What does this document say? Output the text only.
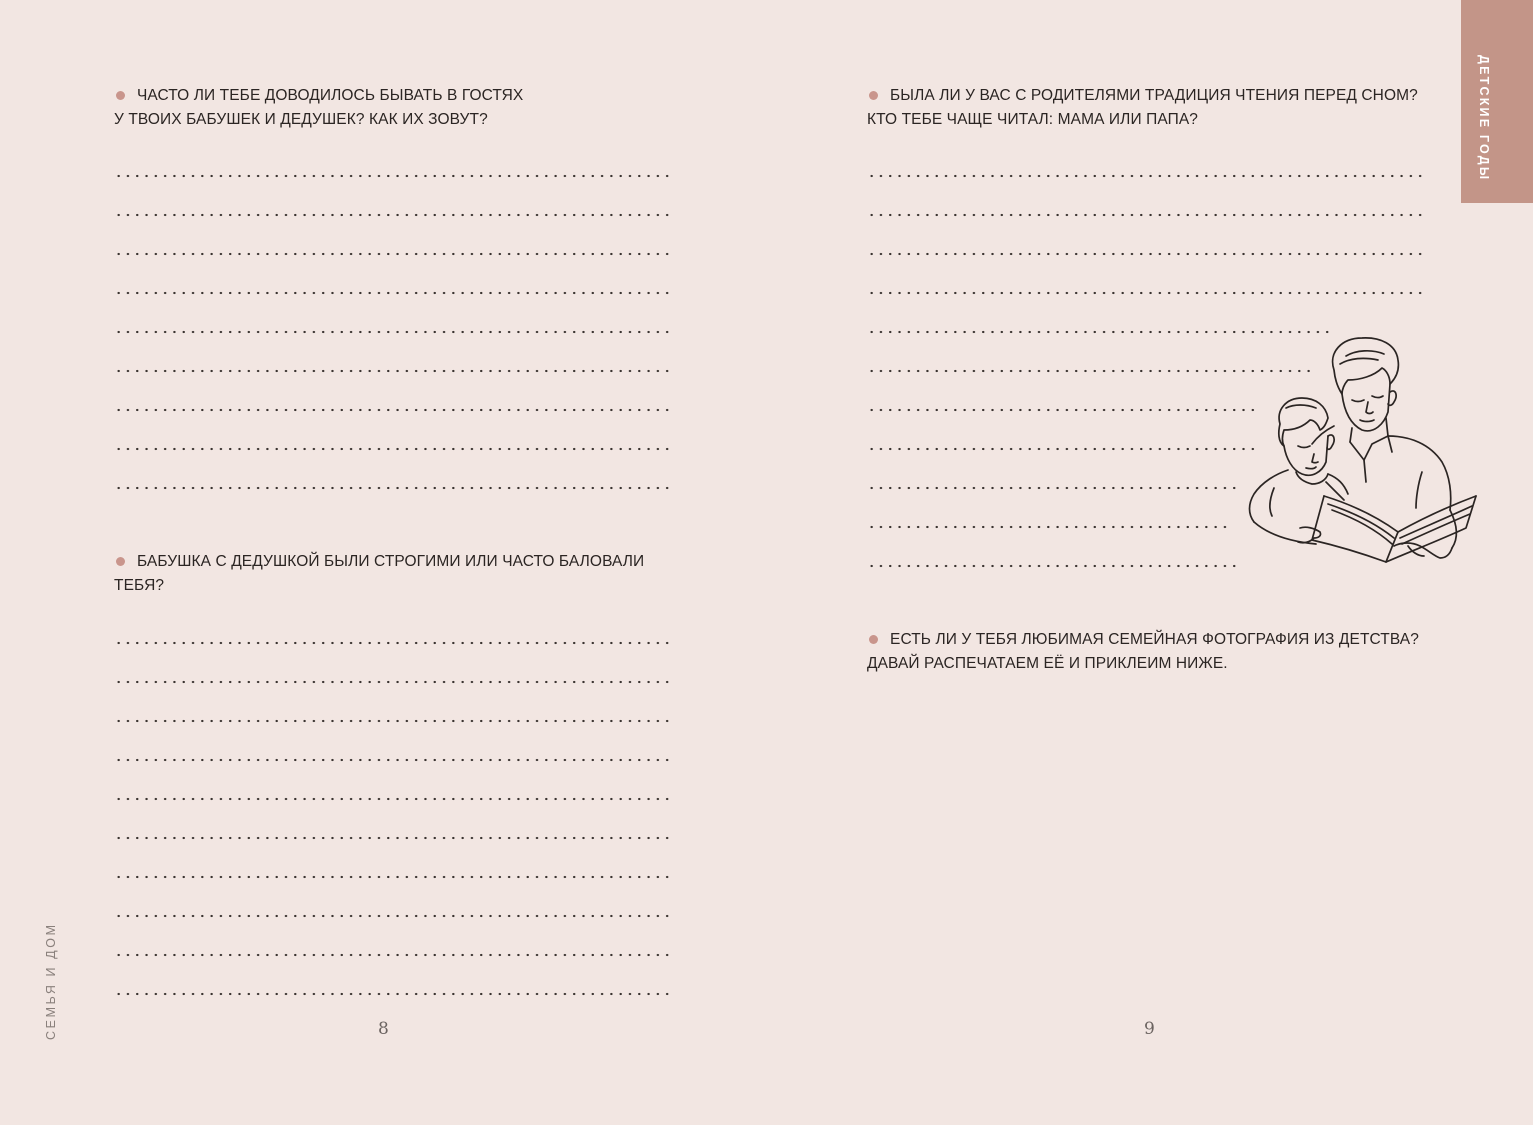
ЧАСТО ЛИ ТЕБЕ ДОВОДИЛОСЬ БЫВАТЬ В ГОСТЯХ
У ТВОИХ БАБУШЕК И ДЕДУШЕК? КАК ИХ ЗОВУТ?
БАБУШКА С ДЕДУШКОЙ БЫЛИ СТРОГИМИ ИЛИ ЧАСТО БАЛОВАЛИ
ТЕБЯ?
8
СЕМЬЯ И ДОМ
ДЕТСКИЕ ГОДЫ
БЫЛА ЛИ У ВАС С РОДИТЕЛЯМИ ТРАДИЦИЯ ЧТЕНИЯ ПЕРЕД СНОМ?
КТО ТЕБЕ ЧАЩЕ ЧИТАЛ: МАМА ИЛИ ПАПА?
ЕСТЬ ЛИ У ТЕБЯ ЛЮБИМАЯ СЕМЕЙНАЯ ФОТОГРАФИЯ ИЗ ДЕТСТВА?
ДАВАЙ РАСПЕЧАТАЕМ ЕЁ И ПРИКЛЕИМ НИЖЕ.
9
